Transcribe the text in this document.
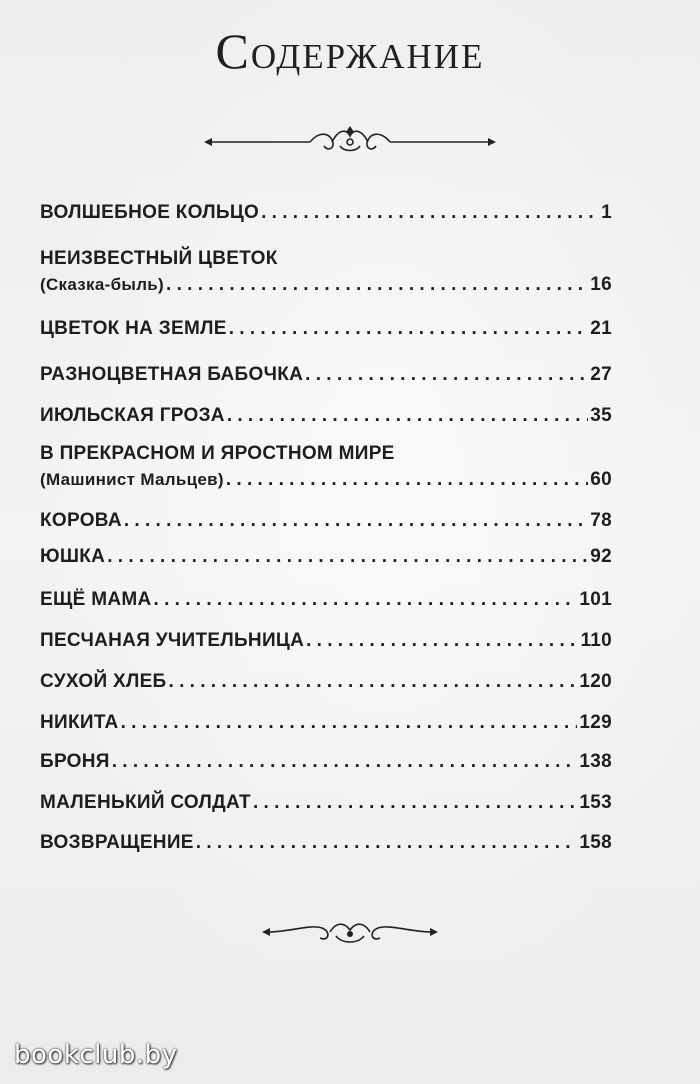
Содержание
ВОЛШЕБНОЕ КОЛЬЦО . . .	1
НЕИЗВЕСТНЫЙ ЦВЕТОК
(Сказка-быль) . . .	16
ЦВЕТОК НА ЗЕМЛЕ . . .	21
РАЗНОЦВЕТНАЯ БАБОЧКА . . .	27
ИЮЛЬСКАЯ ГРОЗА . . .	35
В ПРЕКРАСНОМ И ЯРОСТНОМ МИРЕ
(Машинист Мальцев) . . .	60
КОРОВА . . .	78
ЮШКА . . .	92
ЕЩЁ МАМА . . .	101
ПЕСЧАНАЯ УЧИТЕЛЬНИЦА . . .	110
СУХОЙ ХЛЕБ . . .	120
НИКИТА . . .	129
БРОНЯ . . .	138
МАЛЕНЬКИЙ СОЛДАТ . . .	153
ВОЗВРАЩЕНИЕ . . .	158
bookclub.by
